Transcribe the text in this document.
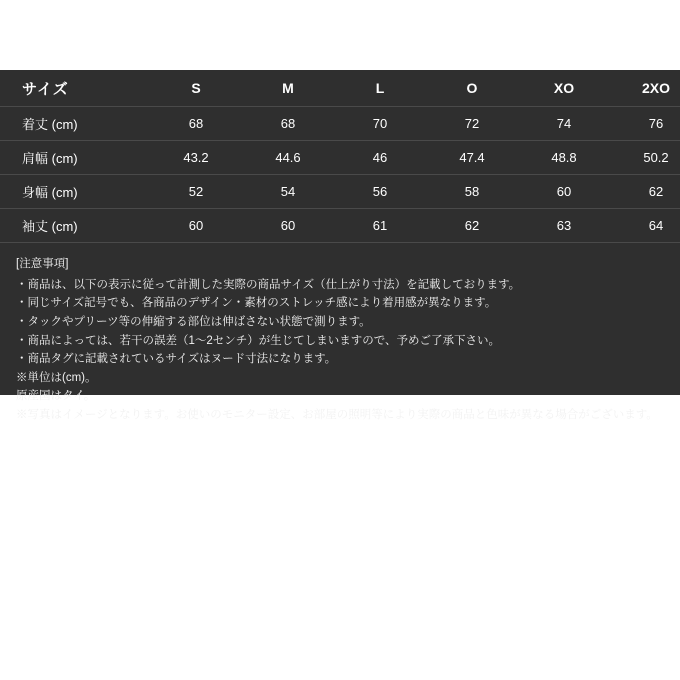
サイズ	S	M	L	O	XO	2XO
着丈 (cm)	68	68	70	72	74	76
肩幅 (cm)	43.2	44.6	46	47.4	48.8	50.2
身幅 (cm)	52	54	56	58	60	62
袖丈 (cm)	60	60	61	62	63	64
[注意事項]
・商品は、以下の表示に従って計測した実際の商品サイズ（仕上がり寸法）を記載しております。
・同じサイズ記号でも、各商品のデザイン・素材のストレッチ感により着用感が異なります。
・タックやプリーツ等の伸縮する部位は伸ばさない状態で測ります。
・商品によっては、若干の誤差（1〜2センチ）が生じてしまいますので、予めご了承下さい。
・商品タグに記載されているサイズはヌード寸法になります。
※単位は(cm)。
原産国はタイ。
※写真はイメージとなります。お使いのモニター設定、お部屋の照明等により実際の商品と色味が異なる場合がございます。
